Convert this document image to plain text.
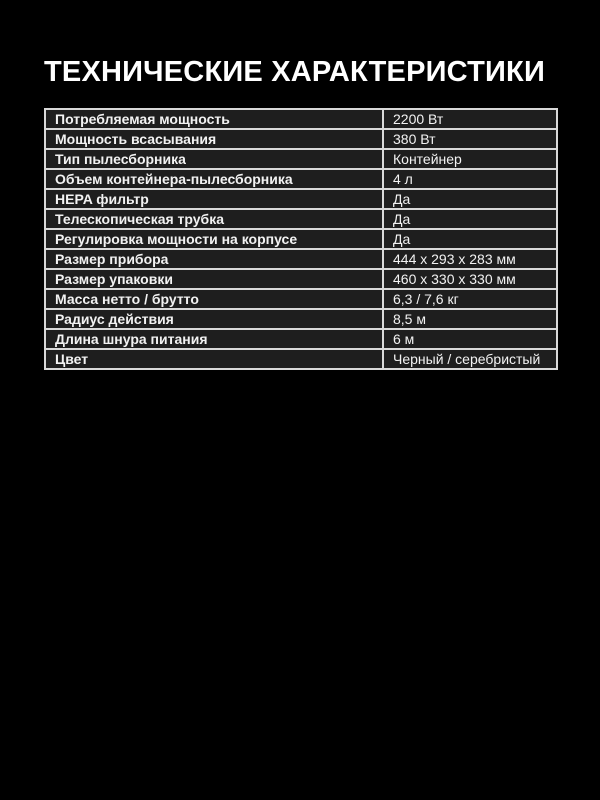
ТЕХНИЧЕСКИЕ ХАРАКТЕРИСТИКИ
Потребляемая мощность	2200 Вт
Мощность всасывания	380 Вт
Тип пылесборника	Контейнер
Объем контейнера-пылесборника	4 л
HEPA фильтр	Да
Телескопическая трубка	Да
Регулировка мощности на корпусе	Да
Размер прибора	444 x 293 x 283 мм
Размер упаковки	460 x 330 x 330 мм
Масса нетто / брутто	6,3 / 7,6 кг
Радиус действия	8,5 м
Длина шнура питания	6 м
Цвет	Черный / серебристый
